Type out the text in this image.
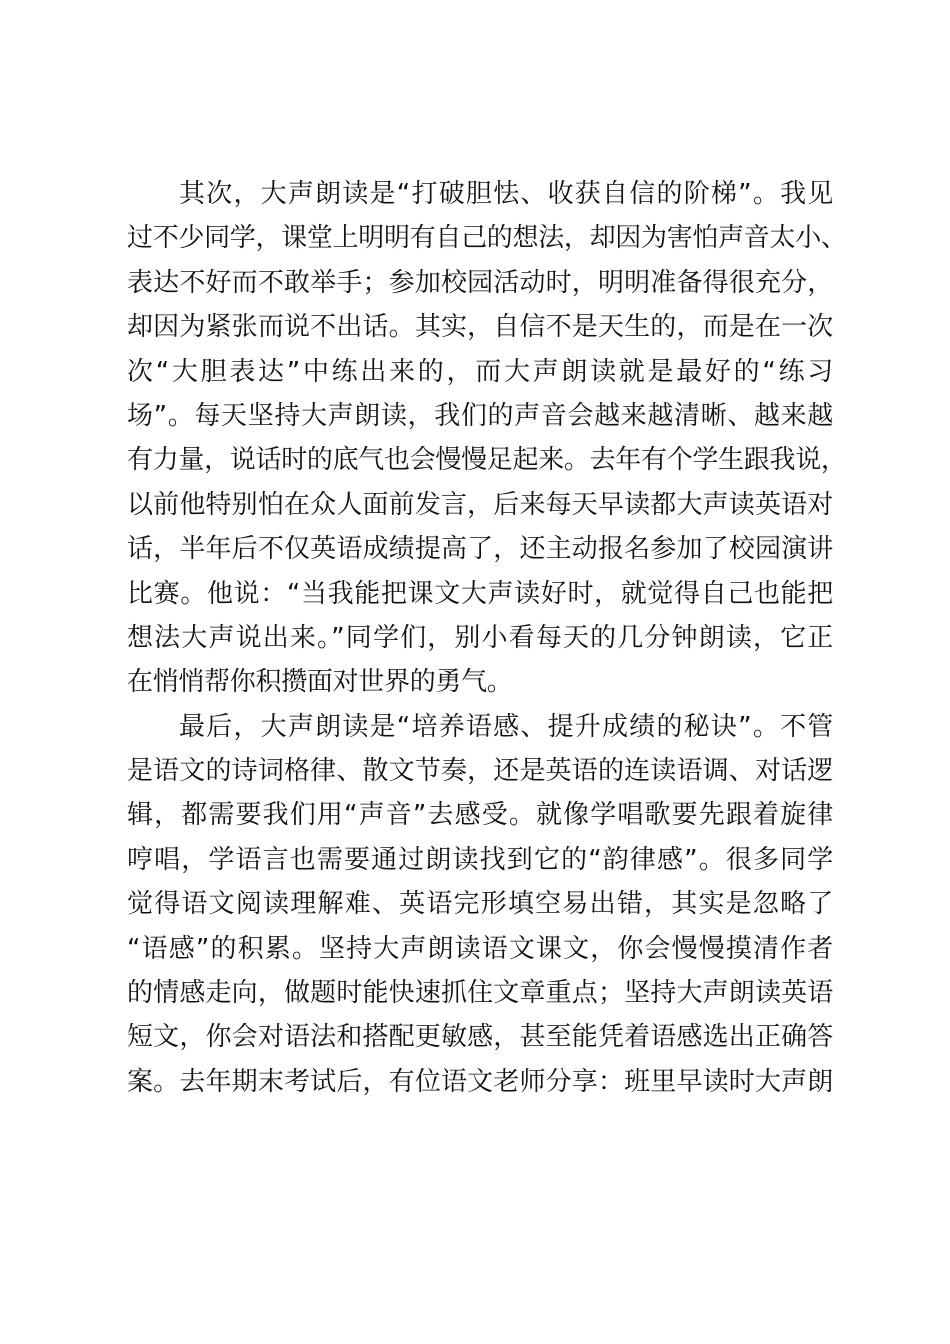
其次，大声朗读是“打破胆怯、收获自信的阶梯”。我见
过不少同学，课堂上明明有自己的想法，却因为害怕声音太小、
表达不好而不敢举手；参加校园活动时，明明准备得很充分，
却因为紧张而说不出话。其实，自信不是天生的，而是在一次
次“大胆表达”中练出来的，而大声朗读就是最好的“练习
场”。每天坚持大声朗读，我们的声音会越来越清晰、越来越
有力量，说话时的底气也会慢慢足起来。去年有个学生跟我说，
以前他特别怕在众人面前发言，后来每天早读都大声读英语对
话，半年后不仅英语成绩提高了，还主动报名参加了校园演讲
比赛。他说：“当我能把课文大声读好时，就觉得自己也能把
想法大声说出来。”同学们，别小看每天的几分钟朗读，它正
在悄悄帮你积攒面对世界的勇气。
最后，大声朗读是“培养语感、提升成绩的秘诀”。不管
是语文的诗词格律、散文节奏，还是英语的连读语调、对话逻
辑，都需要我们用“声音”去感受。就像学唱歌要先跟着旋律
哼唱，学语言也需要通过朗读找到它的“韵律感”。很多同学
觉得语文阅读理解难、英语完形填空易出错，其实是忽略了
“语感”的积累。坚持大声朗读语文课文，你会慢慢摸清作者
的情感走向，做题时能快速抓住文章重点；坚持大声朗读英语
短文，你会对语法和搭配更敏感，甚至能凭着语感选出正确答
案。去年期末考试后，有位语文老师分享：班里早读时大声朗
